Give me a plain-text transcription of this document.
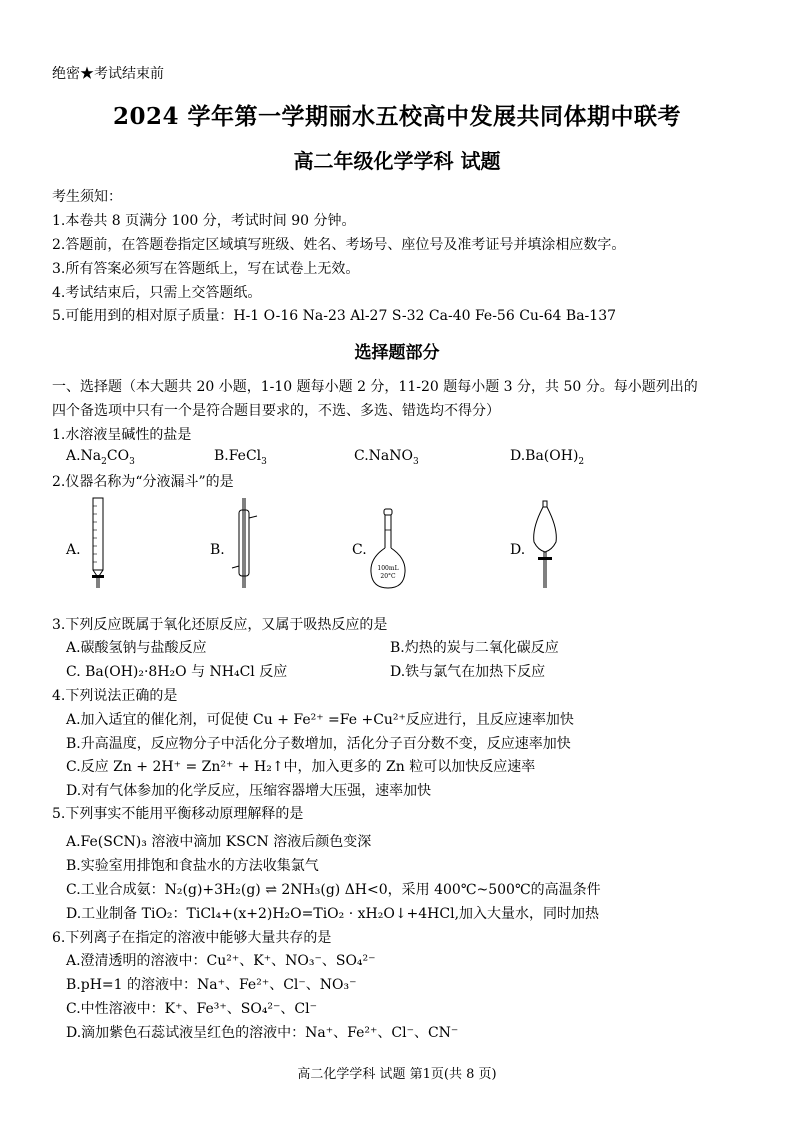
绝密★考试结束前
2024 学年第一学期丽水五校高中发展共同体期中联考
高二年级化学学科 试题
考生须知：
1.本卷共 8 页满分 100 分，考试时间 90 分钟。
2.答题前，在答题卷指定区域填写班级、姓名、考场号、座位号及准考证号并填涂相应数字。
3.所有答案必须写在答题纸上，写在试卷上无效。
4.考试结束后，只需上交答题纸。
5.可能用到的相对原子质量：H-1 O-16 Na-23 Al-27 S-32 Ca-40 Fe-56 Cu-64 Ba-137
选择题部分
一、选择题（本大题共 20 小题，1-10 题每小题 2 分，11-20 题每小题 3 分，共 50 分。每小题列出的
四个备选项中只有一个是符合题目要求的，不选、多选、错选均不得分）
1.水溶液呈碱性的盐是
$A.Na_2CO_3$	B.FeCl$_3$	C.NaNO$_3$	$D.Ba(OH)_2$
2.仪器名称为“分液漏斗”的是
A.	B.	C.	D.
100mL
20°C
3.下列反应既属于氧化还原反应，又属于吸热反应的是
A.碳酸氢钠与盐酸反应	B.灼热的炭与二氧化碳反应
C. Ba(OH)₂·8H₂O 与 NH₄Cl 反应	D.铁与氯气在加热下反应
4.下列说法正确的是
A.加入适宜的催化剂，可促使 Cu + Fe²⁺ =Fe +Cu²⁺反应进行，且反应速率加快
B.升高温度，反应物分子中活化分子数增加，活化分子百分数不变，反应速率加快
C.反应 Zn + 2H⁺ = Zn²⁺ + H₂↑中，加入更多的 Zn 粒可以加快反应速率
D.对有气体参加的化学反应，压缩容器增大压强，速率加快
5.下列事实不能用平衡移动原理解释的是
A.Fe(SCN)₃ 溶液中滴加 KSCN 溶液后颜色变深
B.实验室用排饱和食盐水的方法收集氯气
C.工业合成氨：N₂(g)+3H₂(g) ⇌ 2NH₃(g) ΔH<0，采用 400℃~500℃的高温条件
D.工业制备 TiO₂：TiCl₄+(x+2)H₂O=TiO₂ · xH₂O↓+4HCl,加入大量水，同时加热
6.下列离子在指定的溶液中能够大量共存的是
A.澄清透明的溶液中：Cu²⁺、K⁺、NO₃⁻、SO₄²⁻
B.pH=1 的溶液中：Na⁺、Fe²⁺、Cl⁻、NO₃⁻
C.中性溶液中：K⁺、Fe³⁺、SO₄²⁻、Cl⁻
D.滴加紫色石蕊试液呈红色的溶液中：Na⁺、Fe²⁺、Cl⁻、CN⁻
高二化学学科 试题 第1页(共 8 页)
